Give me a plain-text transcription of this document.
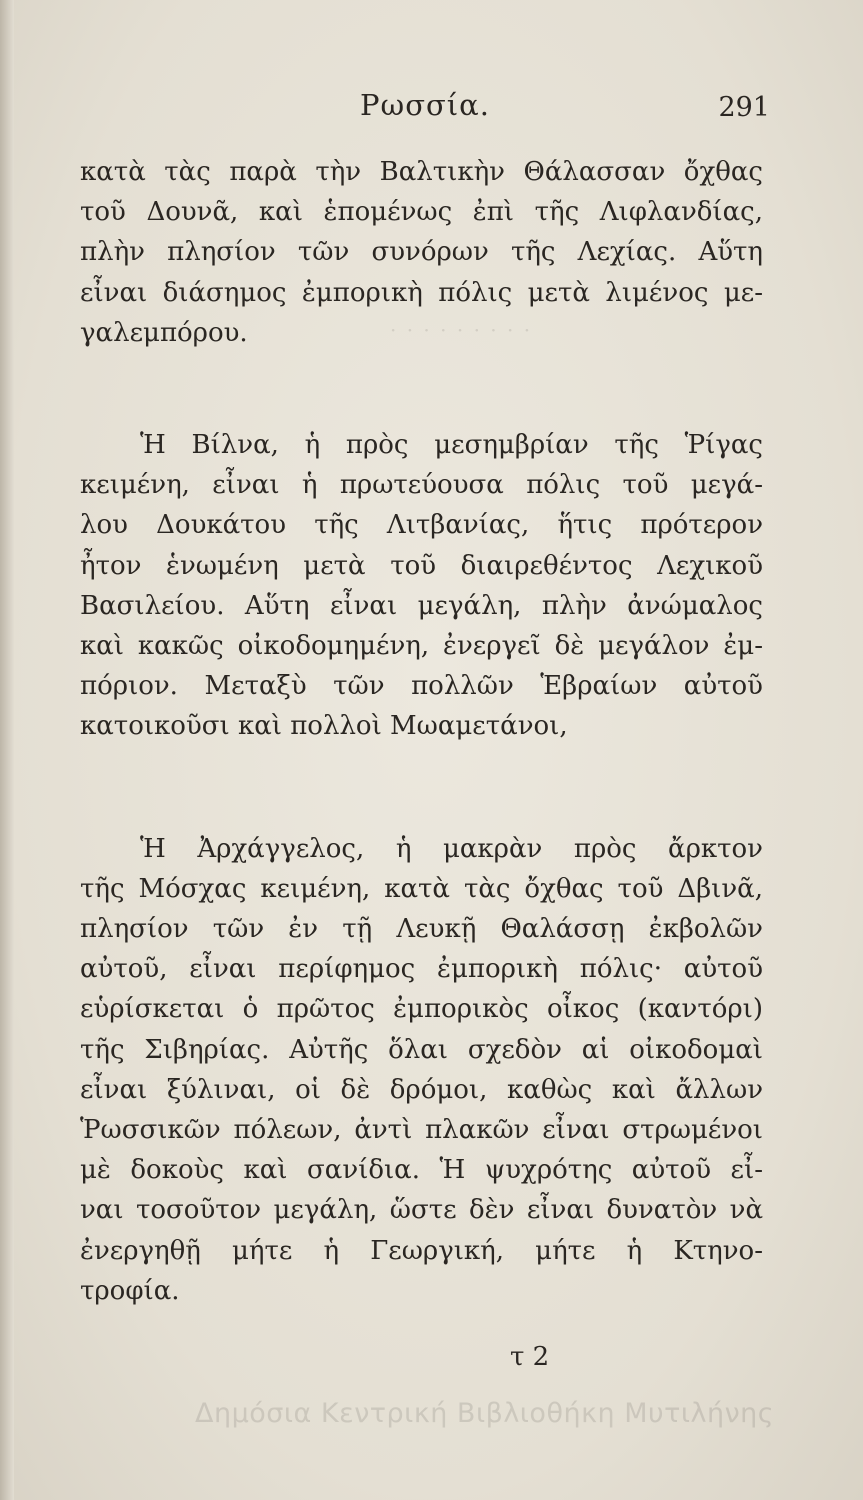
Ρωσσία.	291
· · · · · · · · ·
κατὰ τὰς παρὰ τὴν Βαλτικὴν Θάλασσαν ὄχθας
τοῦ Δουνᾶ, καὶ ἑπομένως ἐπὶ τῆς Λιφλανδίας,
πλὴν πλησίον τῶν συνόρων τῆς Λεχίας. Αὕτη
εἶναι διάσημος ἐμπορικὴ πόλις μετὰ λιμένος με-
γαλεμπόρου.
Ἡ Βίλνα, ἡ πρὸς μεσημβρίαν τῆς Ῥίγας
κειμένη, εἶναι ἡ πρωτεύουσα πόλις τοῦ μεγά-
λου Δουκάτου τῆς Λιτβανίας, ἥτις πρότερον
ἦτον ἑνωμένη μετὰ τοῦ διαιρεθέντος Λεχικοῦ
Βασιλείου. Αὕτη εἶναι μεγάλη, πλὴν ἀνώμαλος
καὶ κακῶς οἰκοδομημένη, ἐνεργεῖ δὲ μεγάλον ἐμ-
πόριον. Μεταξὺ τῶν πολλῶν Ἑβραίων αὐτοῦ
κατοικοῦσι καὶ πολλοὶ Μωαμετάνοι,
Ἡ Ἀρχάγγελος, ἡ μακρὰν πρὸς ἄρκτον
τῆς Μόσχας κειμένη, κατὰ τὰς ὄχθας τοῦ Δβινᾶ,
πλησίον τῶν ἐν τῇ Λευκῇ Θαλάσσῃ ἐκβολῶν
αὐτοῦ, εἶναι περίφημος ἐμπορικὴ πόλις· αὐτοῦ
εὑρίσκεται ὁ πρῶτος ἐμπορικὸς οἶκος (καντόρι)
τῆς Σιβηρίας. Αὐτῆς ὅλαι σχεδὸν αἱ οἰκοδομαὶ
εἶναι ξύλιναι, οἱ δὲ δρόμοι, καθὼς καὶ ἄλλων
Ῥωσσικῶν πόλεων, ἀντὶ πλακῶν εἶναι στρωμένοι
μὲ δοκοὺς καὶ σανίδια. Ἡ ψυχρότης αὐτοῦ εἶ-
ναι τοσοῦτον μεγάλη, ὥστε δὲν εἶναι δυνατὸν νὰ
ἐνεργηθῇ μήτε ἡ Γεωργική, μήτε ἡ Κτηνο-
τροφία.
τ 2
Δημόσια Κεντρική Βιβλιοθήκη Μυτιλήνης
